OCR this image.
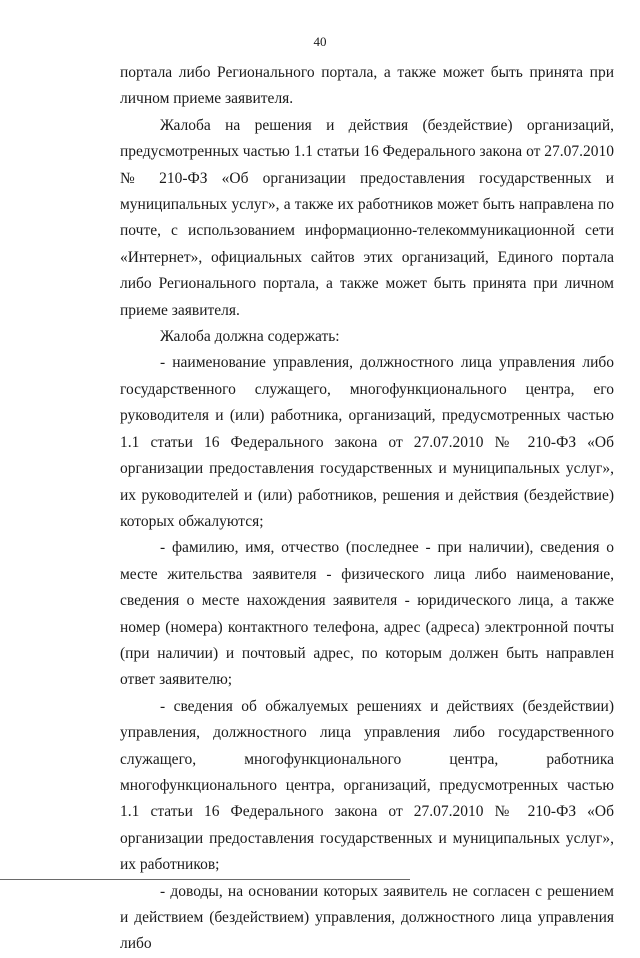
40

портала либо Регионального портала, а также может быть принята при личном приеме заявителя.

Жалоба на решения и действия (бездействие) организаций, предусмотренных частью 1.1 статьи 16 Федерального закона от 27.07.2010 № 210-ФЗ «Об организации предоставления государственных и муниципальных услуг», а также их работников может быть направлена по почте, с использованием информационно-телекоммуникационной сети «Интернет», официальных сайтов этих организаций, Единого портала либо Регионального портала, а также может быть принята при личном приеме заявителя.

Жалоба должна содержать:

- наименование управления, должностного лица управления либо государственного служащего, многофункционального центра, его руководителя и (или) работника, организаций, предусмотренных частью 1.1 статьи 16 Федерального закона от 27.07.2010 № 210-ФЗ «Об организации предоставления государственных и муниципальных услуг», их руководителей и (или) работников, решения и действия (бездействие) которых обжалуются;

- фамилию, имя, отчество (последнее - при наличии), сведения о месте жительства заявителя - физического лица либо наименование, сведения о месте нахождения заявителя - юридического лица, а также номер (номера) контактного телефона, адрес (адреса) электронной почты (при наличии) и почтовый адрес, по которым должен быть направлен ответ заявителю;

- сведения об обжалуемых решениях и действиях (бездействии) управления, должностного лица управления либо государственного служащего, многофункционального центра, работника многофункционального центра, организаций, предусмотренных частью 1.1 статьи 16 Федерального закона от 27.07.2010 № 210-ФЗ «Об организации предоставления государственных и муниципальных услуг», их работников;

- доводы, на основании которых заявитель не согласен с решением и действием (бездействием) управления, должностного лица управления либо
